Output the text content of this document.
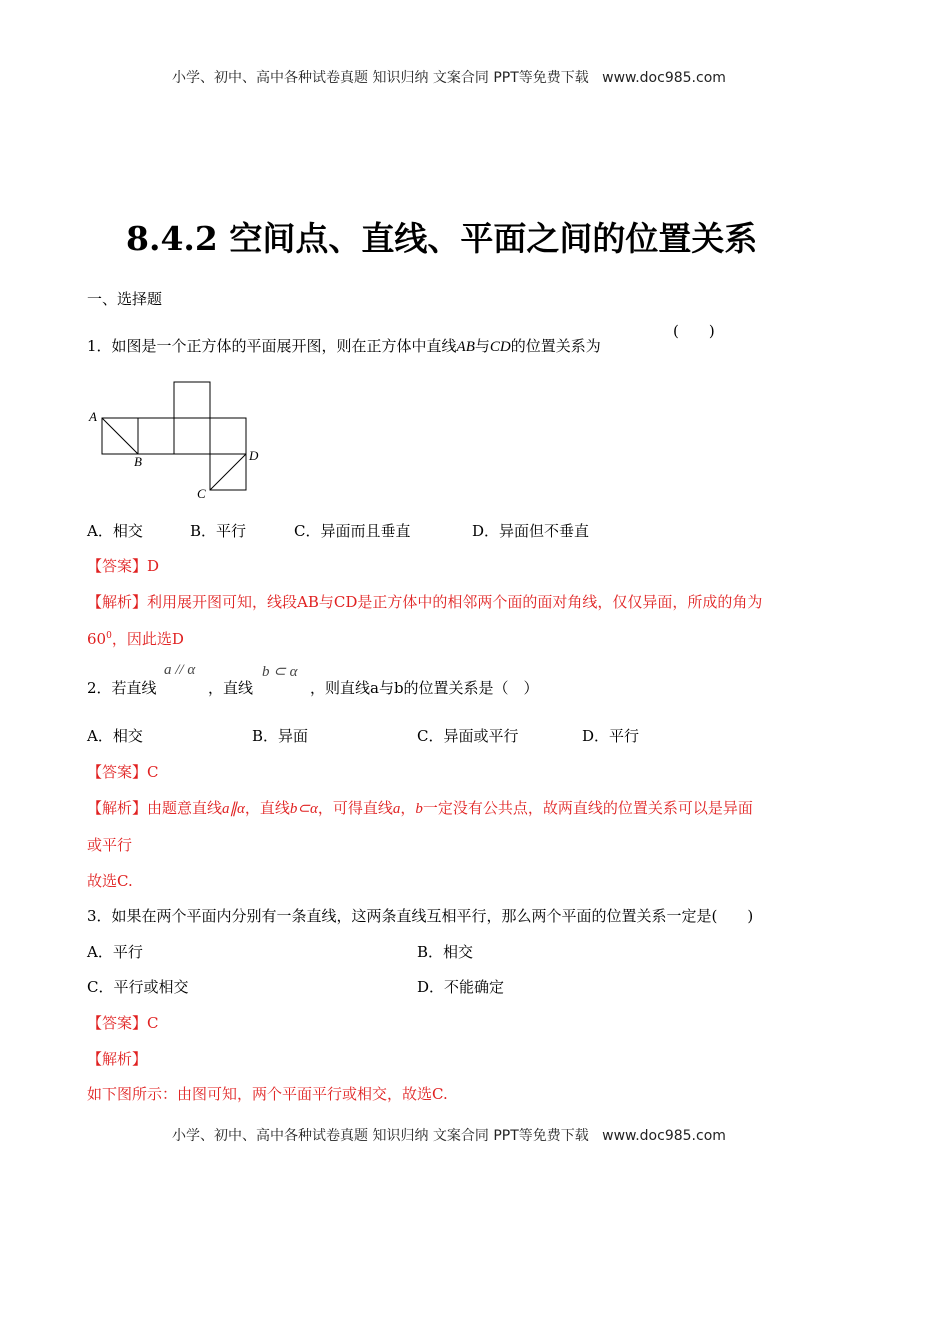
小学、初中、高中各种试卷真题 知识归纳 文案合同 PPT等免费下载 www.doc985.com
8.4.2 空间点、直线、平面之间的位置关系
一、选择题
1．如图是一个正方体的平面展开图，则在正方体中直线AB与CD的位置关系为
(　　)
A
B
C
D
A．相交	B．平行	C．异面而且垂直	D．异面但不垂直
【答案】D
【解析】利用展开图可知，线段AB与CD是正方体中的相邻两个面的面对角线，仅仅异面，所成的角为
$60^0$，因此选D
2．若直线
a // α
，直线
b ⊂ α
，则直线a与b的位置关系是（　）
A．相交	B．异面	C．异面或平行	D．平行
【答案】C
【解析】由题意直线a∥α，直线b⊂α，可得直线a，b一定没有公共点，故两直线的位置关系可以是异面
或平行
故选C.
3．如果在两个平面内分别有一条直线，这两条直线互相平行，那么两个平面的位置关系一定是(　　)
A．平行	B．相交
C．平行或相交	D．不能确定
【答案】C
【解析】
如下图所示：由图可知，两个平面平行或相交，故选C.
小学、初中、高中各种试卷真题 知识归纳 文案合同 PPT等免费下载 www.doc985.com
